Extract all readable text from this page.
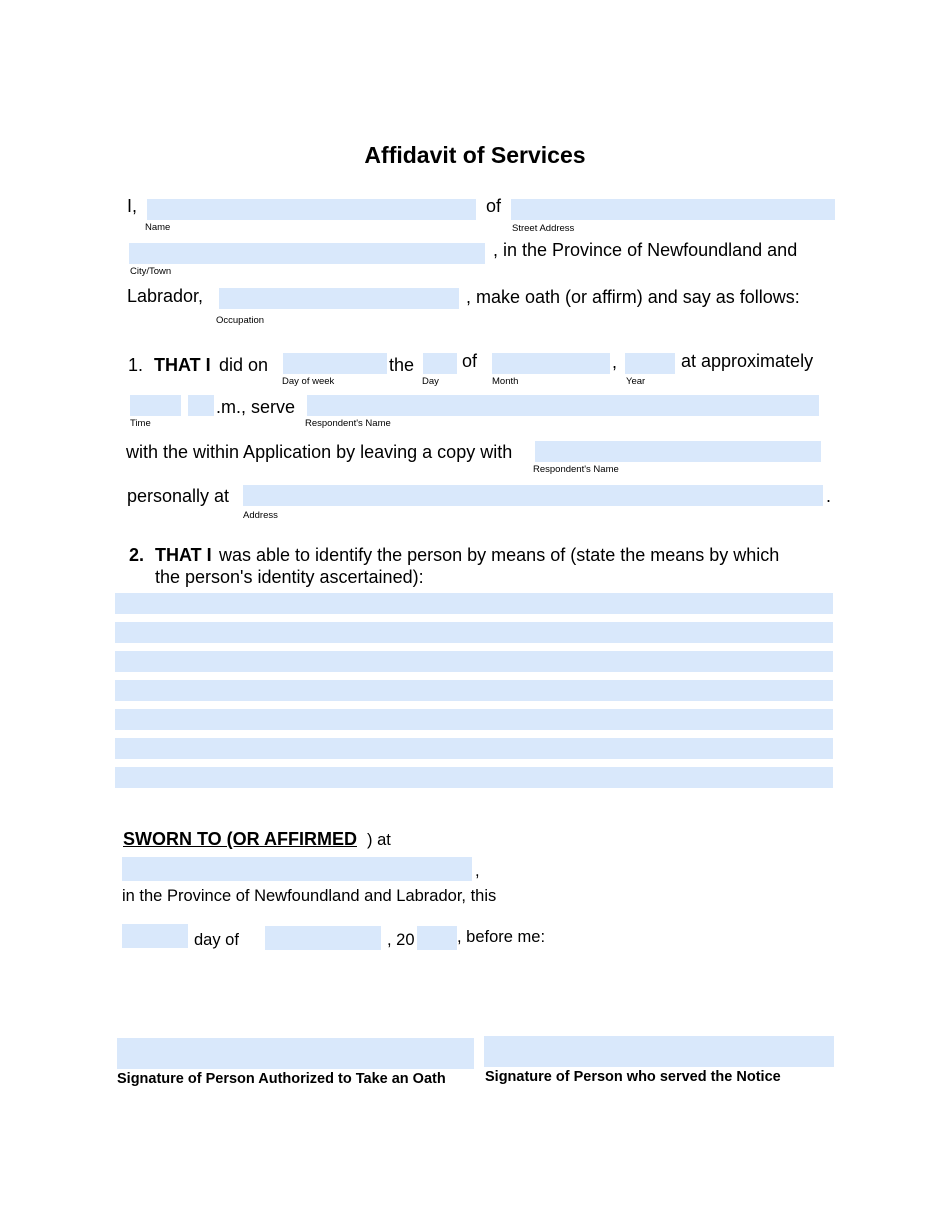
Affidavit of Services
I,	of
Name	Street Address
, in the Province of Newfoundland and
City/Town
Labrador,	, make oath (or affirm) and say as follows:
Occupation
1. THAT I did on	the	of	,	at approximately
Day of week	Day	Month	Year
.m., serve
Time	Respondent's Name
with the within Application by leaving a copy with
Respondent's Name
personally at	.
Address
2. THAT I was able to identify the person by means of (state the means by which
the person's identity ascertained):
SWORN TO (OR AFFIRMED ) at
,
in the Province of Newfoundland and Labrador, this
day of	, 20	, before me:
Signature of Person Authorized to Take an Oath	Signature of Person who served the Notice
